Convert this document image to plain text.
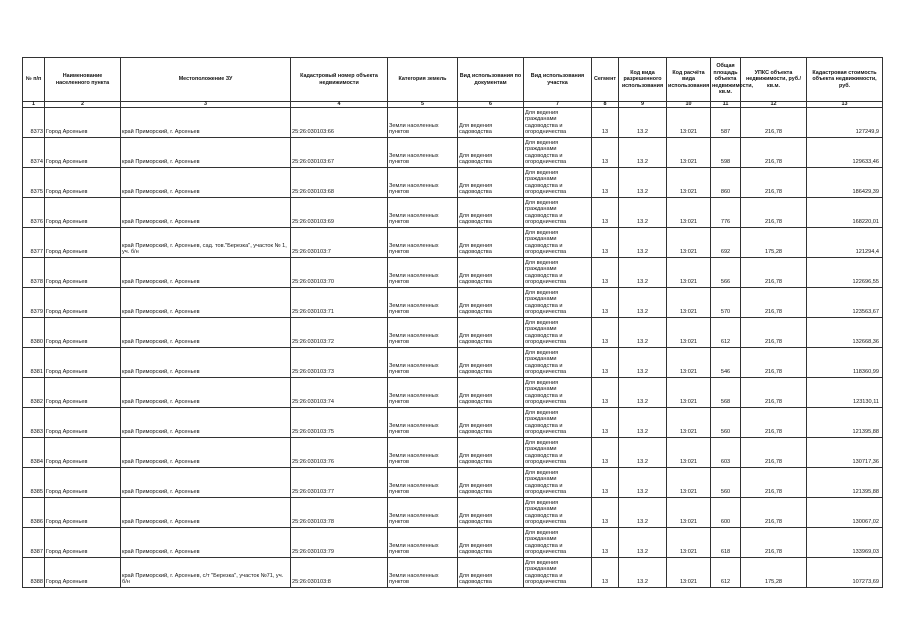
№ п/п	Наименование населенного пункта	Местоположение ЗУ	Кадастровый номер объекта недвижимости	Категория земель	Вид использования по документам	Вид использования участка	Сегмент	Код вида разрешенного использования	Код расчёта вида использования	Общая площадь объекта недвижимости, кв.м.	УПКС объекта недвижимости, руб./кв.м.	Кадастровая стоимость объекта недвижимости, руб.
1	2	3	4	5	6	7	8	9	10	11	12	13
8373	Город Арсеньев	край Приморский, г. Арсеньев	25:26:030103:66	Земли населенных пунктов	Для ведения садоводства	Для ведения гражданами садоводства и огородничества	13	13.2	13:021	587	216,78	127249,9
8374	Город Арсеньев	край Приморский, г. Арсеньев	25:26:030103:67	Земли населенных пунктов	Для ведения садоводства	Для ведения гражданами садоводства и огородничества	13	13.2	13:021	598	216,78	129633,46
8375	Город Арсеньев	край Приморский, г. Арсеньев	25:26:030103:68	Земли населенных пунктов	Для ведения садоводства	Для ведения гражданами садоводства и огородничества	13	13.2	13:021	860	216,78	186429,39
8376	Город Арсеньев	край Приморский, г. Арсеньев	25:26:030103:69	Земли населенных пунктов	Для ведения садоводства	Для ведения гражданами садоводства и огородничества	13	13.2	13:021	776	216,78	168220,01
8377	Город Арсеньев	край Приморский, г. Арсеньев, сад. тов."Березка", участок № 1, уч. б/н	25:26:030103:7	Земли населенных пунктов	Для ведения садоводства	Для ведения гражданами садоводства и огородничества	13	13.2	13:021	692	175,28	121294,4
8378	Город Арсеньев	край Приморский, г. Арсеньев	25:26:030103:70	Земли населенных пунктов	Для ведения садоводства	Для ведения гражданами садоводства и огородничества	13	13.2	13:021	566	216,78	122696,55
8379	Город Арсеньев	край Приморский, г. Арсеньев	25:26:030103:71	Земли населенных пунктов	Для ведения садоводства	Для ведения гражданами садоводства и огородничества	13	13.2	13:021	570	216,78	123563,67
8380	Город Арсеньев	край Приморский, г. Арсеньев	25:26:030103:72	Земли населенных пунктов	Для ведения садоводства	Для ведения гражданами садоводства и огородничества	13	13.2	13:021	612	216,78	132668,36
8381	Город Арсеньев	край Приморский, г. Арсеньев	25:26:030103:73	Земли населенных пунктов	Для ведения садоводства	Для ведения гражданами садоводства и огородничества	13	13.2	13:021	546	216,78	118360,99
8382	Город Арсеньев	край Приморский, г. Арсеньев	25:26:030103:74	Земли населенных пунктов	Для ведения садоводства	Для ведения гражданами садоводства и огородничества	13	13.2	13:021	568	216,78	123130,11
8383	Город Арсеньев	край Приморский, г. Арсеньев	25:26:030103:75	Земли населенных пунктов	Для ведения садоводства	Для ведения гражданами садоводства и огородничества	13	13.2	13:021	560	216,78	121395,88
8384	Город Арсеньев	край Приморский, г. Арсеньев	25:26:030103:76	Земли населенных пунктов	Для ведения садоводства	Для ведения гражданами садоводства и огородничества	13	13.2	13:021	603	216,78	130717,36
8385	Город Арсеньев	край Приморский, г. Арсеньев	25:26:030103:77	Земли населенных пунктов	Для ведения садоводства	Для ведения гражданами садоводства и огородничества	13	13.2	13:021	560	216,78	121395,88
8386	Город Арсеньев	край Приморский, г. Арсеньев	25:26:030103:78	Земли населенных пунктов	Для ведения садоводства	Для ведения гражданами садоводства и огородничества	13	13.2	13:021	600	216,78	130067,02
8387	Город Арсеньев	край Приморский, г. Арсеньев	25:26:030103:79	Земли населенных пунктов	Для ведения садоводства	Для ведения гражданами садоводства и огородничества	13	13.2	13:021	618	216,78	133969,03
8388	Город Арсеньев	край Приморский, г. Арсеньев, с/т "Березка", участок №71, уч. б/н	25:26:030103:8	Земли населенных пунктов	Для ведения садоводства	Для ведения гражданами садоводства и огородничества	13	13.2	13:021	612	175,28	107273,69
